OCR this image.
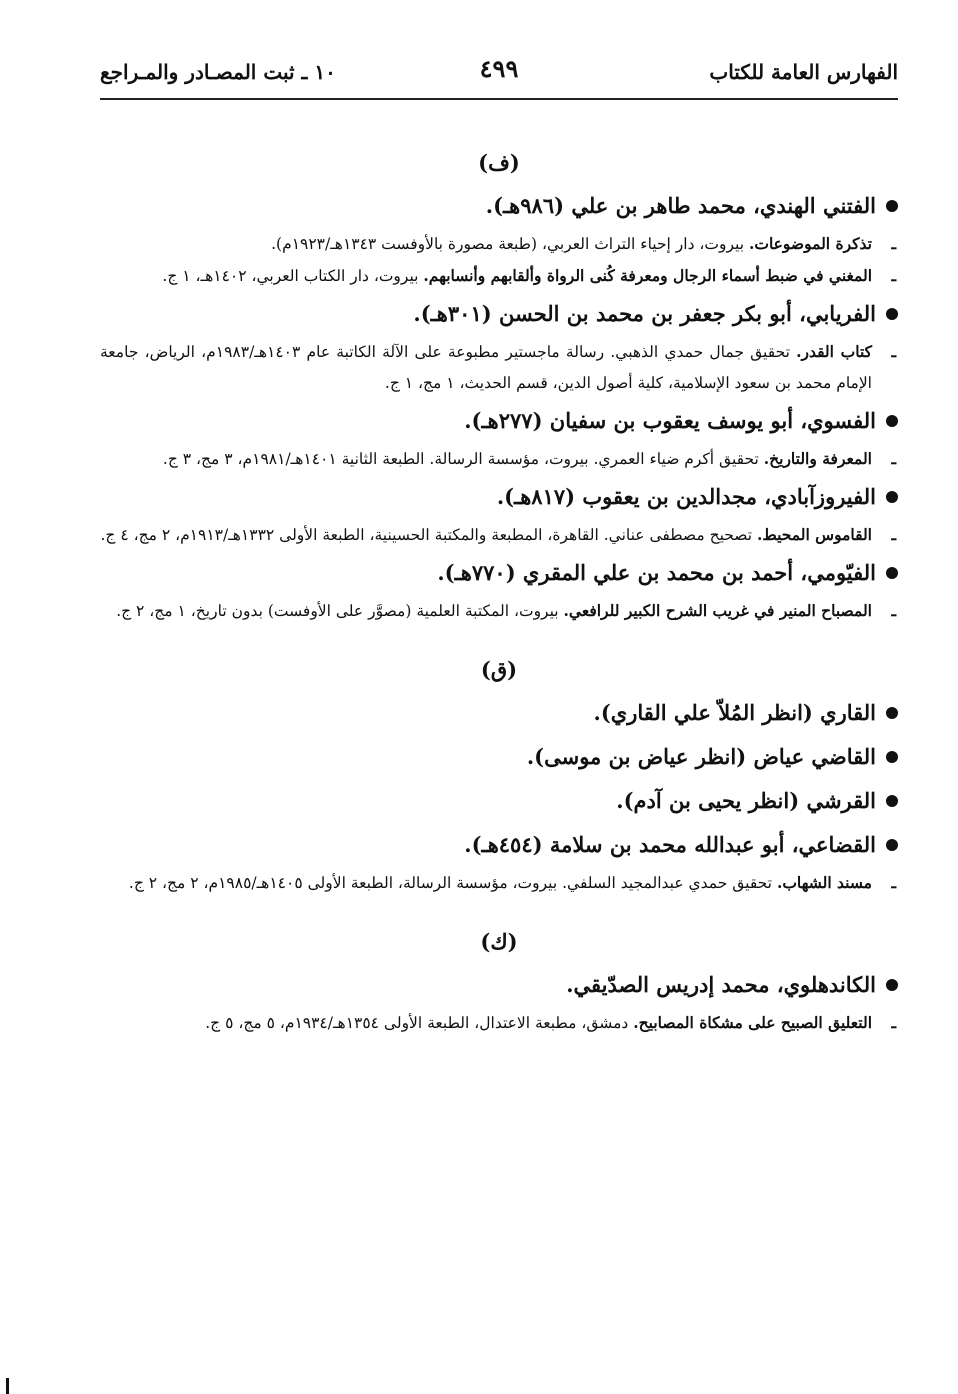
الفهارس العامة للكتاب
٤٩٩
١٠ ـ ثبت المصـادر والمـراجع
(ف)
الفتني الهندي، محمد طاهر بن علي (٩٨٦هـ).
ـ
تذكرة الموضوعات. بيروت، دار إحياء التراث العربي، (طبعة مصورة بالأوفست ١٣٤٣هـ/١٩٢٣م).
ـ
المغني في ضبط أسماء الرجال ومعرفة كُنى الرواة وألقابهم وأنسابهم. بيروت، دار الكتاب العربي، ١٤٠٢هـ، ١ ج.
الفريابي، أبو بكر جعفر بن محمد بن الحسن (٣٠١هـ).
ـ
كتاب القدر. تحقيق جمال حمدي الذهبي. رسالة ماجستير مطبوعة على الآلة الكاتبة عام ١٤٠٣هـ/١٩٨٣م، الرياض، جامعة الإمام محمد بن سعود الإسلامية، كلية أصول الدين، قسم الحديث، ١ مج، ١ ج.
الفسوي، أبو يوسف يعقوب بن سفيان (٢٧٧هـ).
ـ
المعرفة والتاريخ. تحقيق أكرم ضياء العمري. بيروت، مؤسسة الرسالة. الطبعة الثانية ١٤٠١هـ/١٩٨١م، ٣ مج، ٣ ج.
الفيروزآبادي، مجدالدين بن يعقوب (٨١٧هـ).
ـ
القاموس المحيط. تصحيح مصطفى عناني. القاهرة، المطبعة والمكتبة الحسينية، الطبعة الأولى ١٣٣٢هـ/١٩١٣م، ٢ مج، ٤ ج.
الفيّومي، أحمد بن محمد بن علي المقري (٧٧٠هـ).
ـ
المصباح المنير في غريب الشرح الكبير للرافعي. بيروت، المكتبة العلمية (مصوَّر على الأوفست) بدون تاريخ، ١ مج، ٢ ج.
(ق)
القاري (انظر المُلاّ علي القاري).
القاضي عياض (انظر عياض بن موسى).
القرشي (انظر يحيى بن آدم).
القضاعي، أبو عبدالله محمد بن سلامة (٤٥٤هـ).
ـ
مسند الشهاب. تحقيق حمدي عبدالمجيد السلفي. بيروت، مؤسسة الرسالة، الطبعة الأولى ١٤٠٥هـ/١٩٨٥م، ٢ مج، ٢ ج.
(ك)
الكاندهلوي، محمد إدريس الصدّيقي.
ـ
التعليق الصبيح على مشكاة المصابيح. دمشق، مطبعة الاعتدال، الطبعة الأولى ١٣٥٤هـ/١٩٣٤م، ٥ مج، ٥ ج.
